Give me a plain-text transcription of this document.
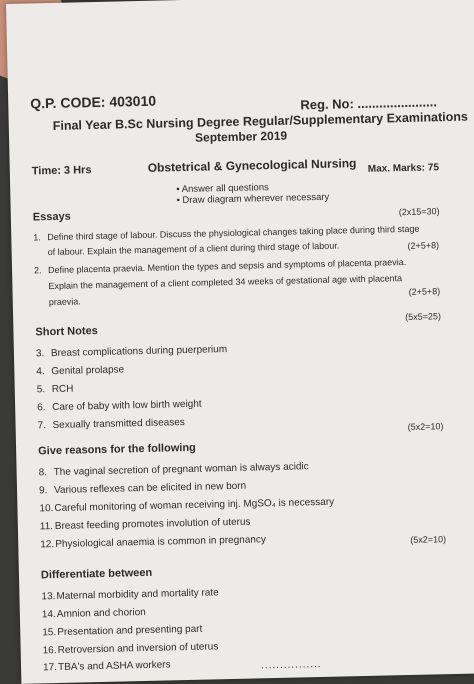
Q.P. CODE: 403010	Reg. No: ......................
Final Year B.Sc Nursing Degree Regular/Supplementary Examinations
September 2019
Time: 3 Hrs	Obstetrical & Gynecological Nursing Max. Marks: 75
• Answer all questions
• Draw diagram wherever necessary
Essays	(2x15=30)
1. Define third stage of labour. Discuss the physiological changes taking place during third stage
of labour. Explain the management of a client during third stage of labour.	(2+5+8)
2. Define placenta praevia. Mention the types and sepsis and symptoms of placenta praevia.
Explain the management of a client completed 34 weeks of gestational age with placenta
praevia.
(2+5+8)
Short Notes
(5x5=25)
3. Breast complications during puerperium
4. Genital prolapse
5. RCH
6. Care of baby with low birth weight
7. Sexually transmitted diseases
Give reasons for the following
(5x2=10)
8. The vaginal secretion of pregnant woman is always acidic
9. Various reflexes can be elicited in new born
10.Careful monitoring of woman receiving inj. MgSO₄ is necessary
11. Breast feeding promotes involution of uterus
12.Physiological anaemia is common in pregnancy
Differentiate between
(5x2=10)
13.Maternal morbidity and mortality rate
14.Amnion and chorion
15.Presentation and presenting part
16.Retroversion and inversion of uterus
17.TBA's and ASHA workers	................
